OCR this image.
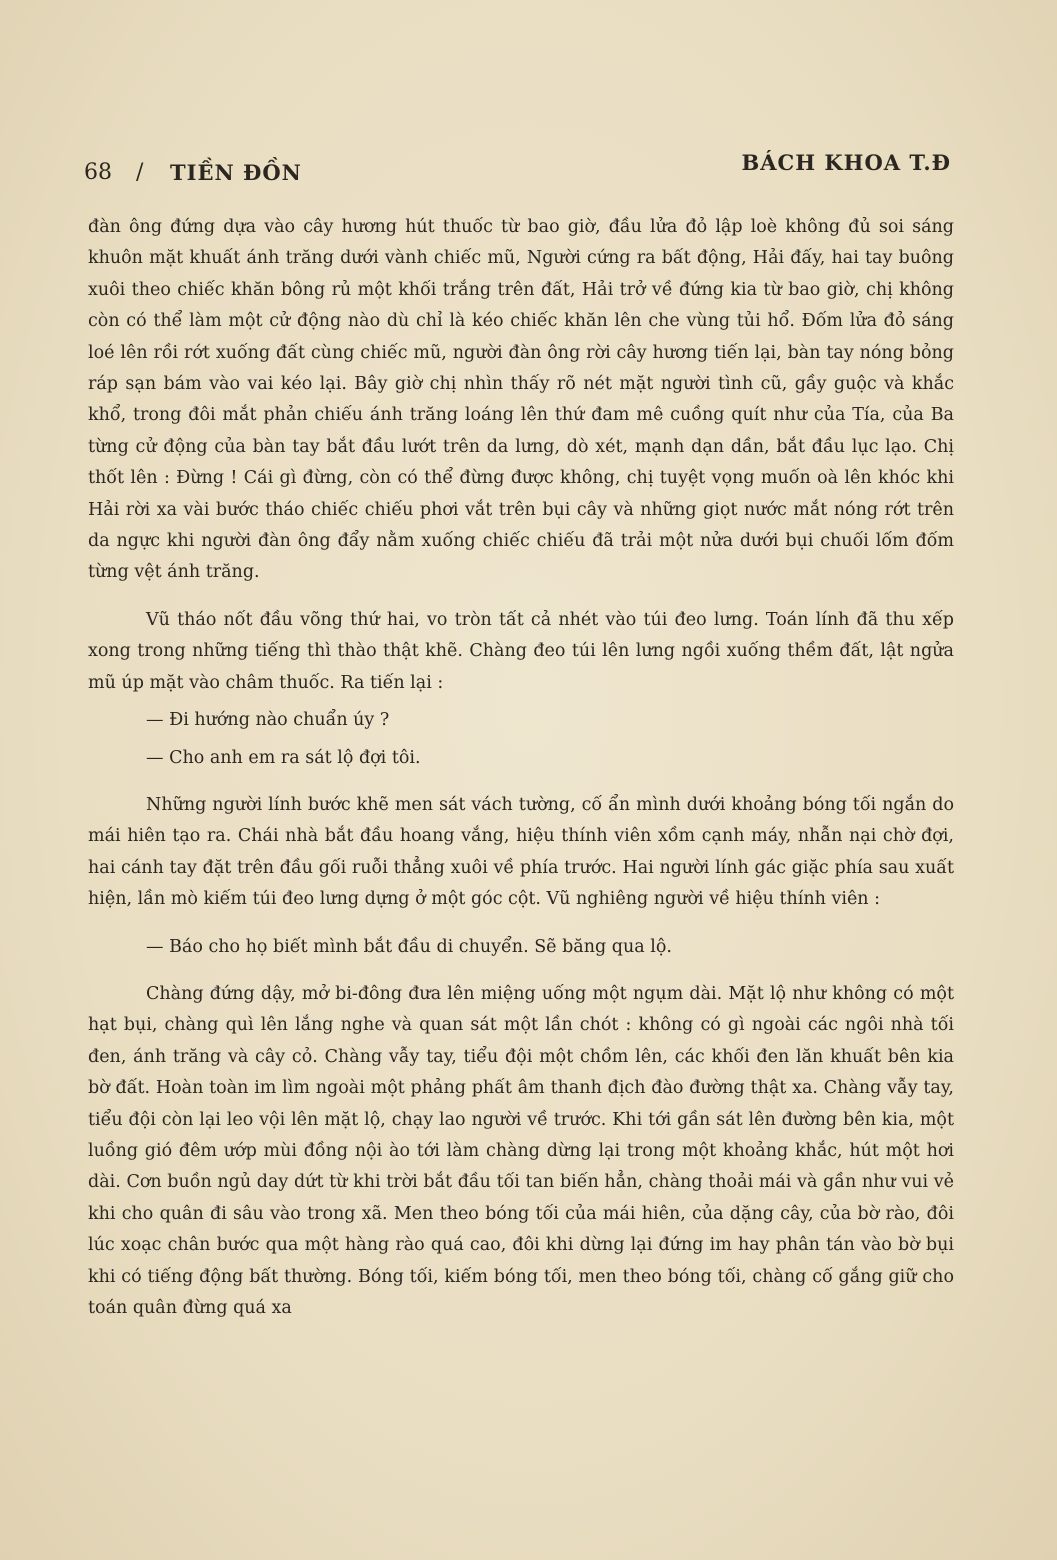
68 / TIỀN ĐỒN	BÁCH KHOA T.Đ

đàn ông đứng dựa vào cây hương hút thuốc từ bao giờ, đầu lửa đỏ lập loè không đủ soi sáng khuôn mặt khuất ánh trăng dưới vành chiếc mũ, Người cứng ra bất động, Hải đấy, hai tay buông xuôi theo chiếc khăn bông rủ một khối trắng trên đất, Hải trở về đứng kia từ bao giờ, chị không còn có thể làm một cử động nào dù chỉ là kéo chiếc khăn lên che vùng tủi hổ. Đốm lửa đỏ sáng loé lên rồi rớt xuống đất cùng chiếc mũ, người đàn ông rời cây hương tiến lại, bàn tay nóng bỏng ráp sạn bám vào vai kéo lại. Bây giờ chị nhìn thấy rõ nét mặt người tình cũ, gầy guộc và khắc khổ, trong đôi mắt phản chiếu ánh trăng loáng lên thứ đam mê cuồng quít như của Tía, của Ba từng cử động của bàn tay bắt đầu lướt trên da lưng, dò xét, mạnh dạn dần, bắt đầu lục lạo. Chị thốt lên : Đừng ! Cái gì đừng, còn có thể đừng được không, chị tuyệt vọng muốn oà lên khóc khi Hải rời xa vài bước tháo chiếc chiếu phơi vắt trên bụi cây và những giọt nước mắt nóng rớt trên da ngực khi người đàn ông đẩy nằm xuống chiếc chiếu đã trải một nửa dưới bụi chuối lốm đốm từng vệt ánh trăng.

Vũ tháo nốt đầu võng thứ hai, vo tròn tất cả nhét vào túi đeo lưng. Toán lính đã thu xếp xong trong những tiếng thì thào thật khẽ. Chàng đeo túi lên lưng ngồi xuống thềm đất, lật ngửa mũ úp mặt vào châm thuốc. Ra tiến lại :

— Đi hướng nào chuẩn úy ?

— Cho anh em ra sát lộ đợi tôi.

Những người lính bước khẽ men sát vách tường, cố ẩn mình dưới khoảng bóng tối ngắn do mái hiên tạo ra. Chái nhà bắt đầu hoang vắng, hiệu thính viên xồm cạnh máy, nhẫn nại chờ đợi, hai cánh tay đặt trên đầu gối ruỗi thẳng xuôi về phía trước. Hai người lính gác giặc phía sau xuất hiện, lần mò kiếm túi đeo lưng dựng ở một góc cột. Vũ nghiêng người về hiệu thính viên :

— Báo cho họ biết mình bắt đầu di chuyển. Sẽ băng qua lộ.

Chàng đứng dậy, mở bi-đông đưa lên miệng uống một ngụm dài. Mặt lộ như không có một hạt bụi, chàng quì lên lắng nghe và quan sát một lần chót : không có gì ngoài các ngôi nhà tối đen, ánh trăng và cây cỏ. Chàng vẫy tay, tiểu đội một chồm lên, các khối đen lăn khuất bên kia bờ đất. Hoàn toàn im lìm ngoài một phảng phất âm thanh địch đào đường thật xa. Chàng vẫy tay, tiểu đội còn lại leo vội lên mặt lộ, chạy lao người về trước. Khi tới gần sát lên đường bên kia, một luồng gió đêm ướp mùi đồng nội ào tới làm chàng dừng lại trong một khoảng khắc, hút một hơi dài. Cơn buồn ngủ day dứt từ khi trời bắt đầu tối tan biến hẳn, chàng thoải mái và gần như vui vẻ khi cho quân đi sâu vào trong xã. Men theo bóng tối của mái hiên, của dặng cây, của bờ rào, đôi lúc xoạc chân bước qua một hàng rào quá cao, đôi khi dừng lại đứng im hay phân tán vào bờ bụi khi có tiếng động bất thường. Bóng tối, kiếm bóng tối, men theo bóng tối, chàng cố gắng giữ cho toán quân đừng quá xa
